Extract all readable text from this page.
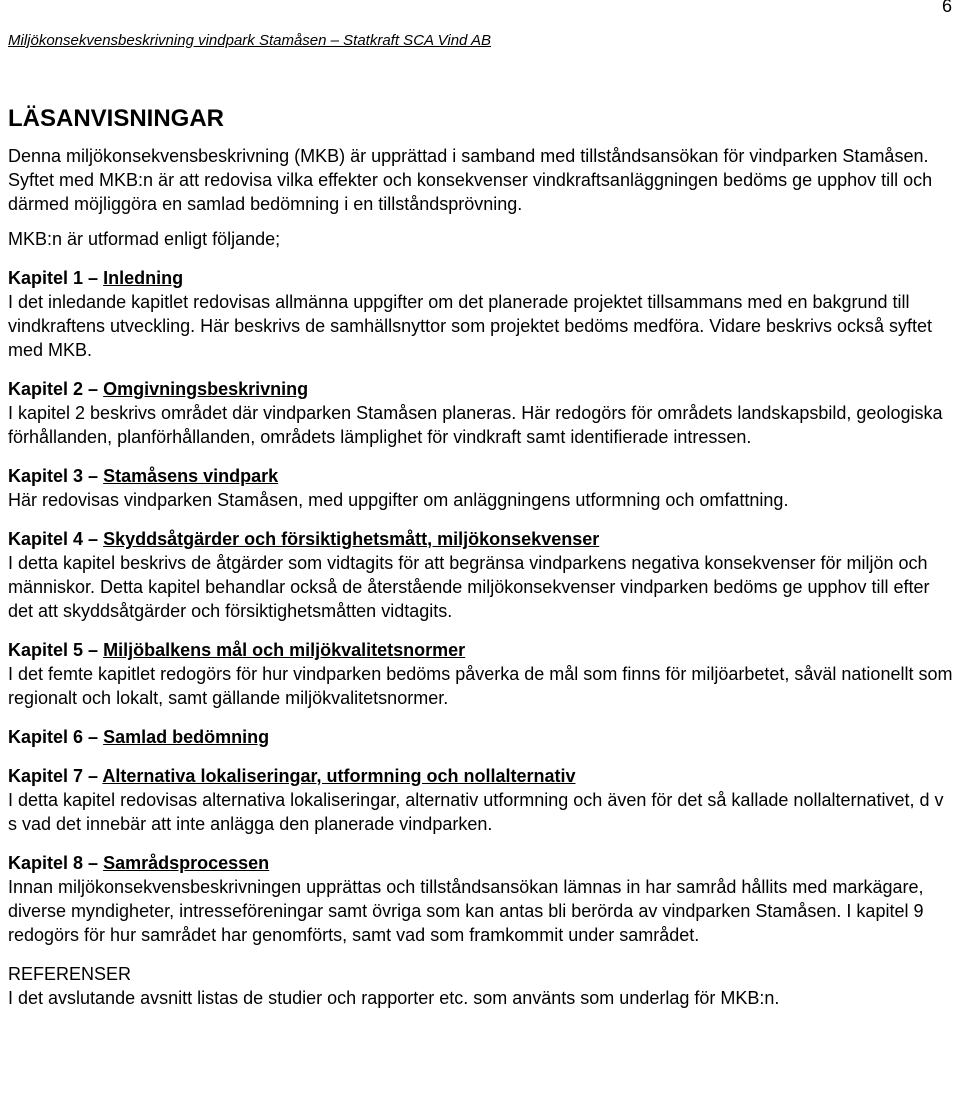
6
Miljökonsekvensbeskrivning vindpark Stamåsen – Statkraft SCA Vind AB
LÄSANVISNINGAR

Denna miljökonsekvensbeskrivning (MKB) är upprättad i samband med tillståndsansökan för vindparken Stamåsen. Syftet med MKB:n är att redovisa vilka effekter och konsekvenser vindkraftsanläggningen bedöms ge upphov till och därmed möjliggöra en samlad bedömning i en tillståndsprövning.

MKB:n är utformad enligt följande;

Kapitel 1 – Inledning

I det inledande kapitlet redovisas allmänna uppgifter om det planerade projektet tillsammans med en bakgrund till vindkraftens utveckling. Här beskrivs de samhällsnyttor som projektet bedöms medföra. Vidare beskrivs också syftet med MKB.

Kapitel 2 – Omgivningsbeskrivning

I kapitel 2 beskrivs området där vindparken Stamåsen planeras. Här redogörs för områdets landskapsbild, geologiska förhållanden, planförhållanden, områdets lämplighet för vindkraft samt identifierade intressen.

Kapitel 3 – Stamåsens vindpark

Här redovisas vindparken Stamåsen, med uppgifter om anläggningens utformning och omfattning.

Kapitel 4 – Skyddsåtgärder och försiktighetsmått, miljökonsekvenser

I detta kapitel beskrivs de åtgärder som vidtagits för att begränsa vindparkens negativa konsekvenser för miljön och människor. Detta kapitel behandlar också de återstående miljökonsekvenser vindparken bedöms ge upphov till efter det att skyddsåtgärder och försiktighetsmåtten vidtagits.

Kapitel 5 – Miljöbalkens mål och miljökvalitetsnormer

I det femte kapitlet redogörs för hur vindparken bedöms påverka de mål som finns för miljöarbetet, såväl nationellt som regionalt och lokalt, samt gällande miljökvalitetsnormer.

Kapitel 6 – Samlad bedömning
Kapitel 7 – Alternativa lokaliseringar, utformning och nollalternativ

I detta kapitel redovisas alternativa lokaliseringar, alternativ utformning och även för det så kallade nollalternativet, d v s vad det innebär att inte anlägga den planerade vindparken.

Kapitel 8 – Samrådsprocessen

Innan miljökonsekvensbeskrivningen upprättas och tillståndsansökan lämnas in har samråd hållits med markägare, diverse myndigheter, intresseföreningar samt övriga som kan antas bli berörda av vindparken Stamåsen. I kapitel 9 redogörs för hur samrådet har genomförts, samt vad som framkommit under samrådet.

REFERENSER

I det avslutande avsnitt listas de studier och rapporter etc. som använts som underlag för MKB:n.
